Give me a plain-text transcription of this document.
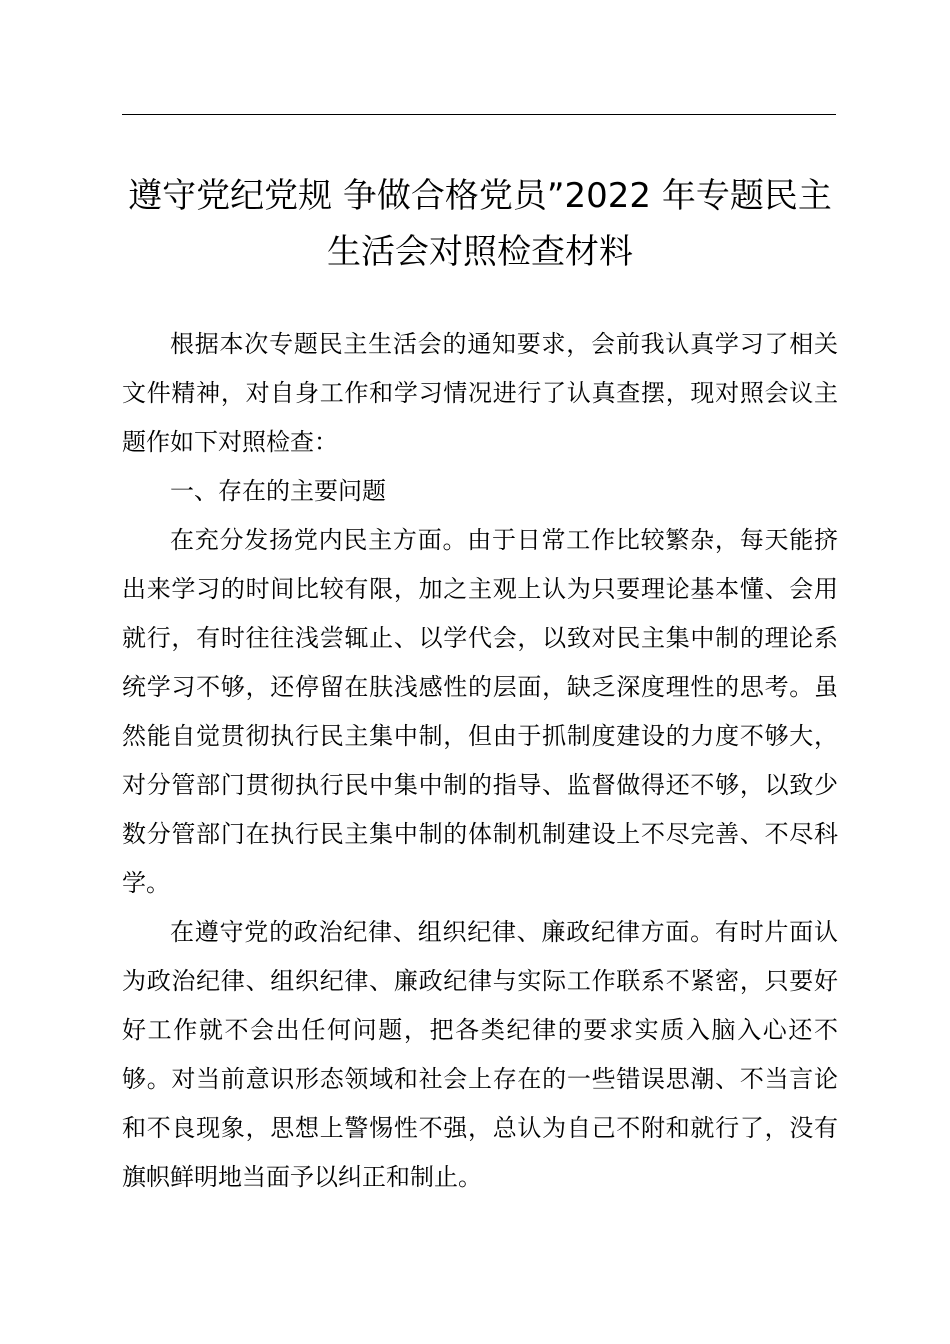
遵守党纪党规 争做合格党员”2022 年专题民主
生活会对照检查材料

根据本次专题民主生活会的通知要求，会前我认真学习了相关文件精神，对自身工作和学习情况进行了认真查摆，现对照会议主题作如下对照检查：

一、存在的主要问题

在充分发扬党内民主方面。由于日常工作比较繁杂，每天能挤出来学习的时间比较有限，加之主观上认为只要理论基本懂、会用就行，有时往往浅尝辄止、以学代会，以致对民主集中制的理论系统学习不够，还停留在肤浅感性的层面，缺乏深度理性的思考。虽然能自觉贯彻执行民主集中制，但由于抓制度建设的力度不够大，对分管部门贯彻执行民中集中制的指导、监督做得还不够，以致少数分管部门在执行民主集中制的体制机制建设上不尽完善、不尽科学。

在遵守党的政治纪律、组织纪律、廉政纪律方面。有时片面认为政治纪律、组织纪律、廉政纪律与实际工作联系不紧密，只要好好工作就不会出任何问题，把各类纪律的要求实质入脑入心还不够。对当前意识形态领域和社会上存在的一些错误思潮、不当言论和不良现象，思想上警惕性不强，总认为自己不附和就行了，没有旗帜鲜明地当面予以纠正和制止。
